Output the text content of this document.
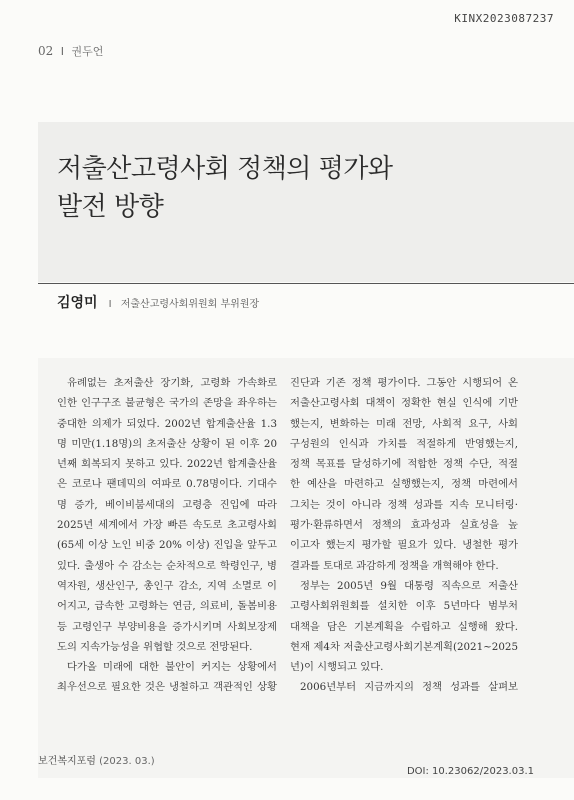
KINX2023087237
02 I 권두언
저출산고령사회 정책의 평가와
발전 방향
김영미 I 저출산고령사회위원회 부위원장
유례없는 초저출산 장기화, 고령화 가속화로
인한 인구구조 불균형은 국가의 존망을 좌우하는
중대한 의제가 되었다. 2002년 합계출산율 1.3
명 미만(1.18명)의 초저출산 상황이 된 이후 20
년째 회복되지 못하고 있다. 2022년 합계출산율
은 코로나 팬데믹의 여파로 0.78명이다. 기대수
명 증가, 베이비붐세대의 고령층 진입에 따라
2025년 세계에서 가장 빠른 속도로 초고령사회
(65세 이상 노인 비중 20% 이상) 진입을 앞두고
있다. 출생아 수 감소는 순차적으로 학령인구, 병
역자원, 생산인구, 총인구 감소, 지역 소멸로 이
어지고, 급속한 고령화는 연금, 의료비, 돌봄비용
등 고령인구 부양비용을 증가시키며 사회보장제
도의 지속가능성을 위협할 것으로 전망된다.
다가올 미래에 대한 불안이 커지는 상황에서
최우선으로 필요한 것은 냉철하고 객관적인 상황
진단과 기존 정책 평가이다. 그동안 시행되어 온
저출산고령사회 대책이 정확한 현실 인식에 기반
했는지, 변화하는 미래 전망, 사회적 요구, 사회
구성원의 인식과 가치를 적절하게 반영했는지,
정책 목표를 달성하기에 적합한 정책 수단, 적절
한 예산을 마련하고 실행했는지, 정책 마련에서
그치는 것이 아니라 정책 성과를 지속 모니터링·
평가·환류하면서 정책의 효과성과 실효성을 높
이고자 했는지 평가할 필요가 있다. 냉철한 평가
결과를 토대로 과감하게 정책을 개혁해야 한다.
정부는 2005년 9월 대통령 직속으로 저출산
고령사회위원회를 설치한 이후 5년마다 범부처
대책을 담은 기본계획을 수립하고 실행해 왔다.
현재 제4차 저출산고령사회기본계획(2021~2025
년)이 시행되고 있다.
2006년부터 지금까지의 정책 성과를 살펴보
보건복지포럼 (2023. 03.)
DOI: 10.23062/2023.03.1
